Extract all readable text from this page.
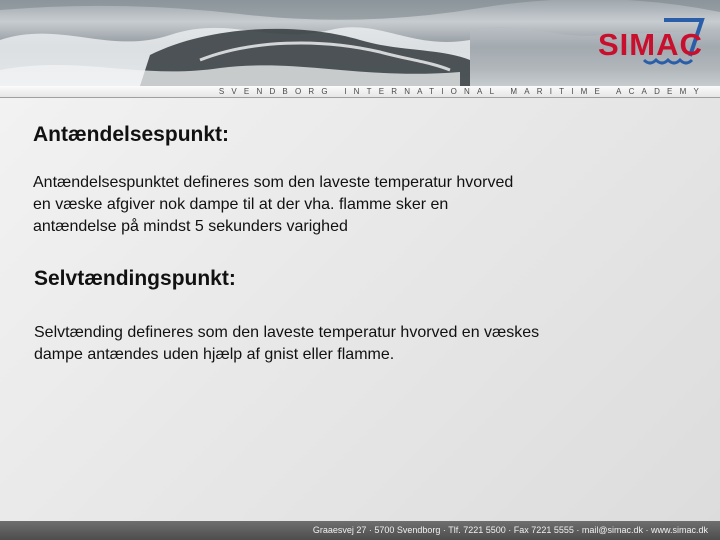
SIMAC
SVENDBORG INTERNATIONAL MARITIME ACADEMY
Antændelsespunkt:

Antændelsespunktet defineres som den laveste temperatur hvorved
en væske afgiver nok dampe til at der vha. flamme sker en
antændelse på mindst 5 sekunders varighed

Selvtændingspunkt:

Selvtænding defineres som den laveste temperatur hvorved en væskes
dampe antændes uden hjælp af gnist eller flamme.

Graaesvej 27 · 5700 Svendborg · Tlf. 7221 5500 · Fax 7221 5555 · mail@simac.dk · www.simac.dk
